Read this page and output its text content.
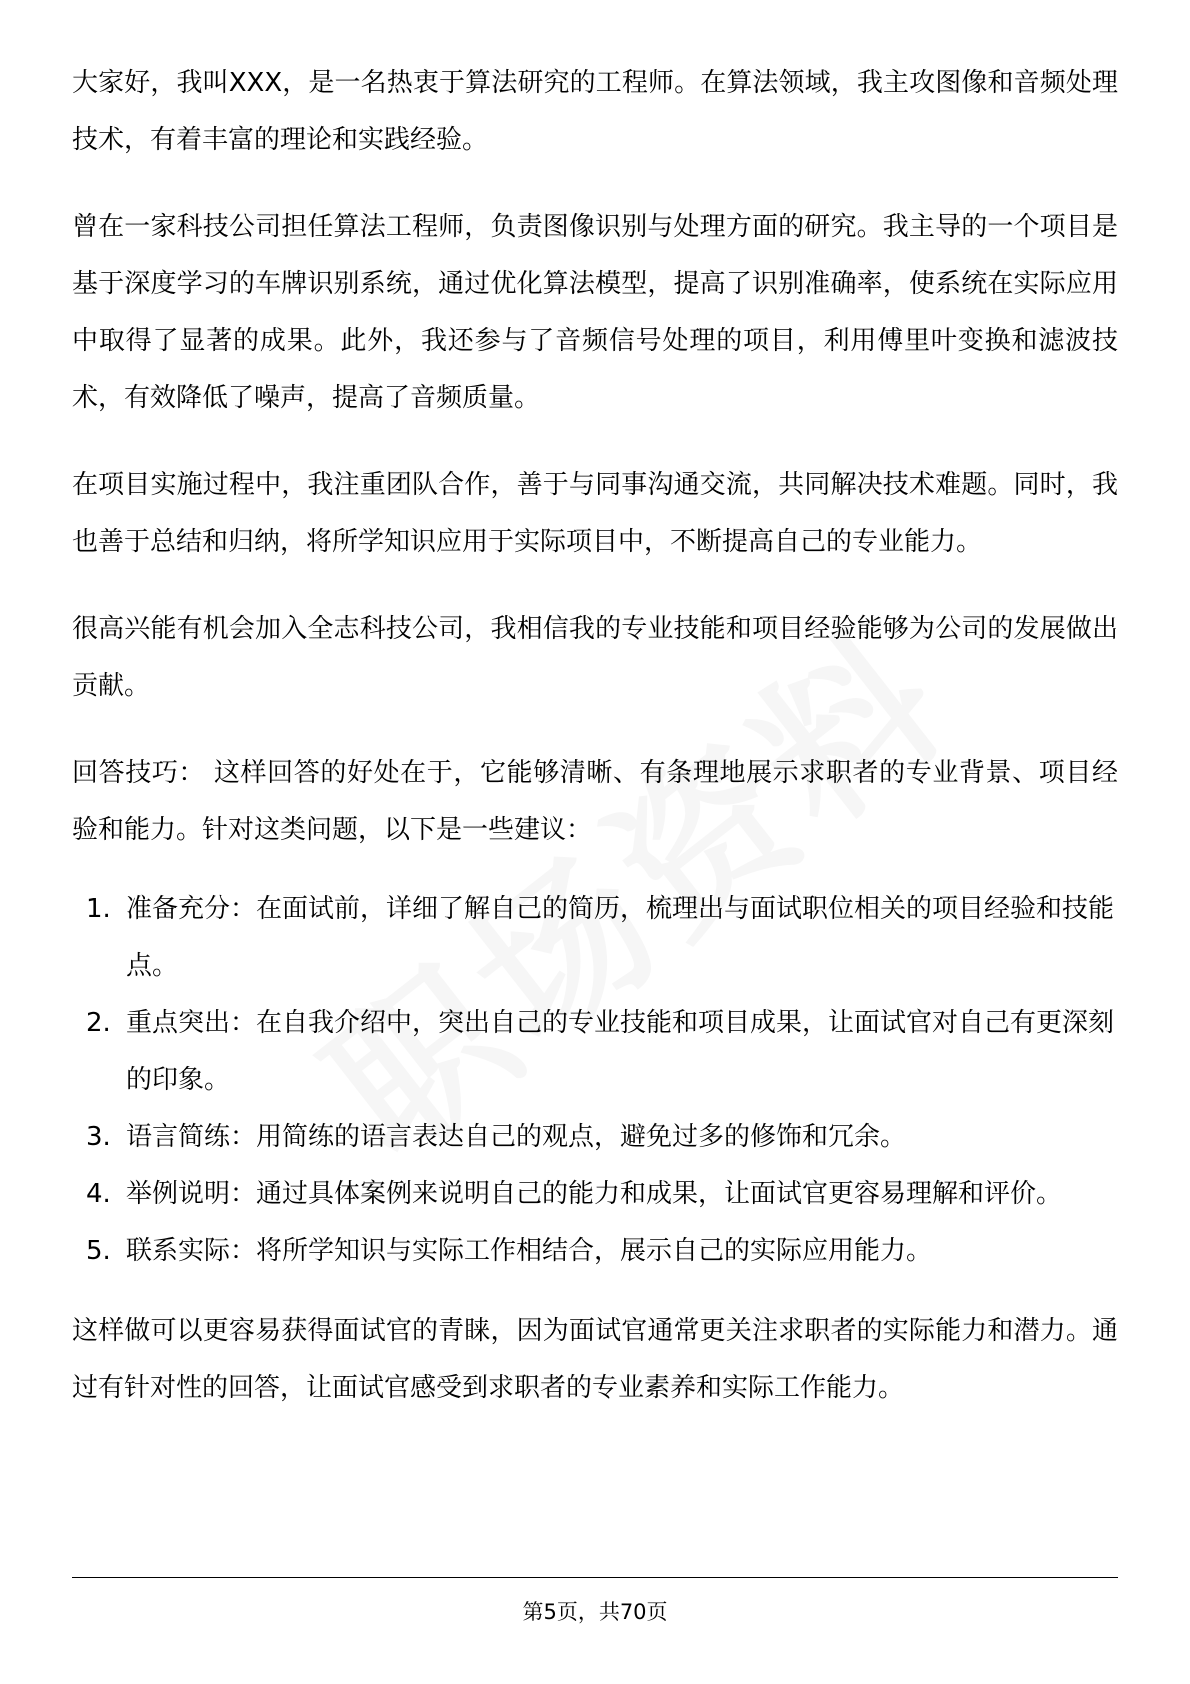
大家好，我叫XXX，是一名热衷于算法研究的工程师。在算法领域，我主攻图像和音频处理技术，有着丰富的理论和实践经验。

曾在一家科技公司担任算法工程师，负责图像识别与处理方面的研究。我主导的一个项目是基于深度学习的车牌识别系统，通过优化算法模型，提高了识别准确率，使系统在实际应用中取得了显著的成果。此外，我还参与了音频信号处理的项目，利用傅里叶变换和滤波技术，有效降低了噪声，提高了音频质量。

在项目实施过程中，我注重团队合作，善于与同事沟通交流，共同解决技术难题。同时，我也善于总结和归纳，将所学知识应用于实际项目中，不断提高自己的专业能力。

很高兴能有机会加入全志科技公司，我相信我的专业技能和项目经验能够为公司的发展做出贡献。

回答技巧： 这样回答的好处在于，它能够清晰、有条理地展示求职者的专业背景、项目经验和能力。针对这类问题，以下是一些建议：

1. 准备充分：在面试前，详细了解自己的简历，梳理出与面试职位相关的项目经验和技能点。
2. 重点突出：在自我介绍中，突出自己的专业技能和项目成果，让面试官对自己有更深刻的印象。
3. 语言简练：用简练的语言表达自己的观点，避免过多的修饰和冗余。
4. 举例说明：通过具体案例来说明自己的能力和成果，让面试官更容易理解和评价。
5. 联系实际：将所学知识与实际工作相结合，展示自己的实际应用能力。

这样做可以更容易获得面试官的青睐，因为面试官通常更关注求职者的实际能力和潜力。通过有针对性的回答，让面试官感受到求职者的专业素养和实际工作能力。

第5页，共70页
